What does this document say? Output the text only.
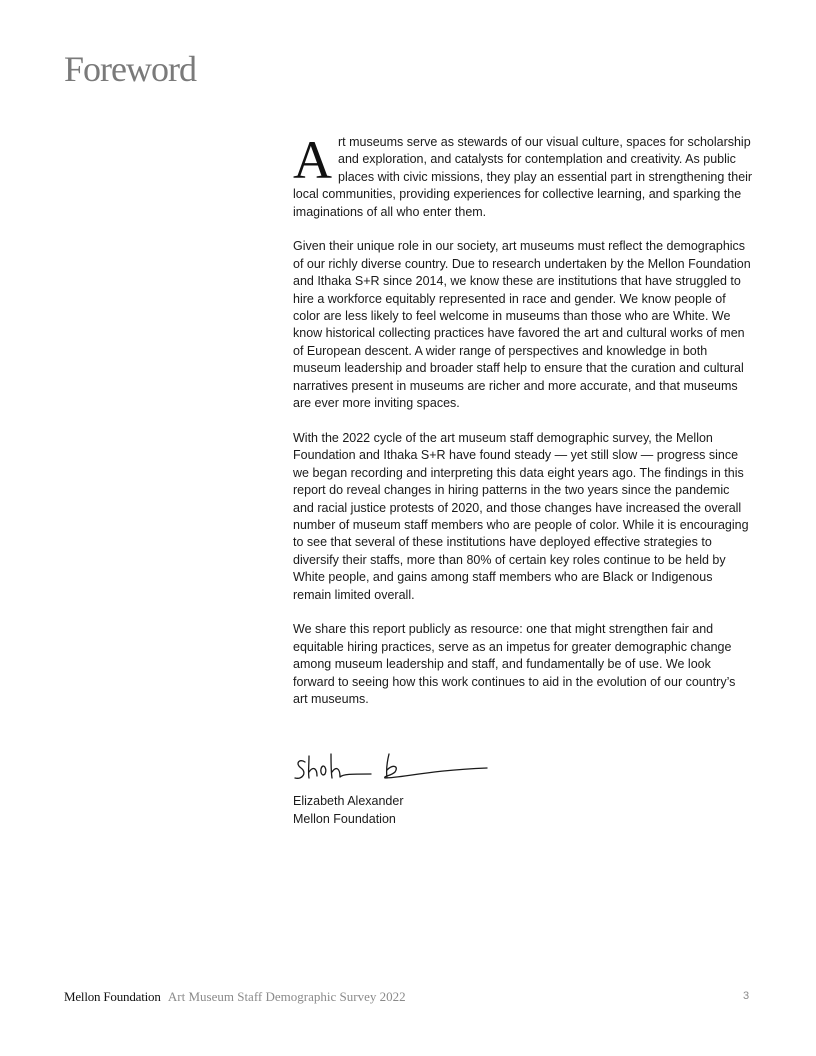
Foreword

Art museums serve as stewards of our visual culture, spaces for scholarship and exploration, and catalysts for contemplation and creativity. As public places with civic missions, they play an essential part in strengthening their local communities, providing experiences for collective learning, and sparking the imaginations of all who enter them.

Given their unique role in our society, art museums must reflect the demographics of our richly diverse country. Due to research undertaken by the Mellon Foundation and Ithaka S+R since 2014, we know these are institutions that have struggled to hire a workforce equitably represented in race and gender. We know people of color are less likely to feel welcome in museums than those who are White. We know historical collecting practices have favored the art and cultural works of men of European descent. A wider range of perspectives and knowledge in both museum leadership and broader staff help to ensure that the curation and cultural narratives present in museums are richer and more accurate, and that museums are ever more inviting spaces.

With the 2022 cycle of the art museum staff demographic survey, the Mellon Foundation and Ithaka S+R have found steady — yet still slow — progress since we began recording and interpreting this data eight years ago. The findings in this report do reveal changes in hiring patterns in the two years since the pandemic and racial justice protests of 2020, and those changes have increased the overall number of museum staff members who are people of color. While it is encouraging to see that several of these institutions have deployed effective strategies to diversify their staffs, more than 80% of certain key roles continue to be held by White people, and gains among staff members who are Black or Indigenous remain limited overall.

We share this report publicly as resource: one that might strengthen fair and equitable hiring practices, serve as an impetus for greater demographic change among museum leadership and staff, and fundamentally be of use. We look forward to seeing how this work continues to aid in the evolution of our country’s art museums.

Elizabeth Alexander
Mellon Foundation
Mellon Foundation Art Museum Staff Demographic Survey 2022	3
